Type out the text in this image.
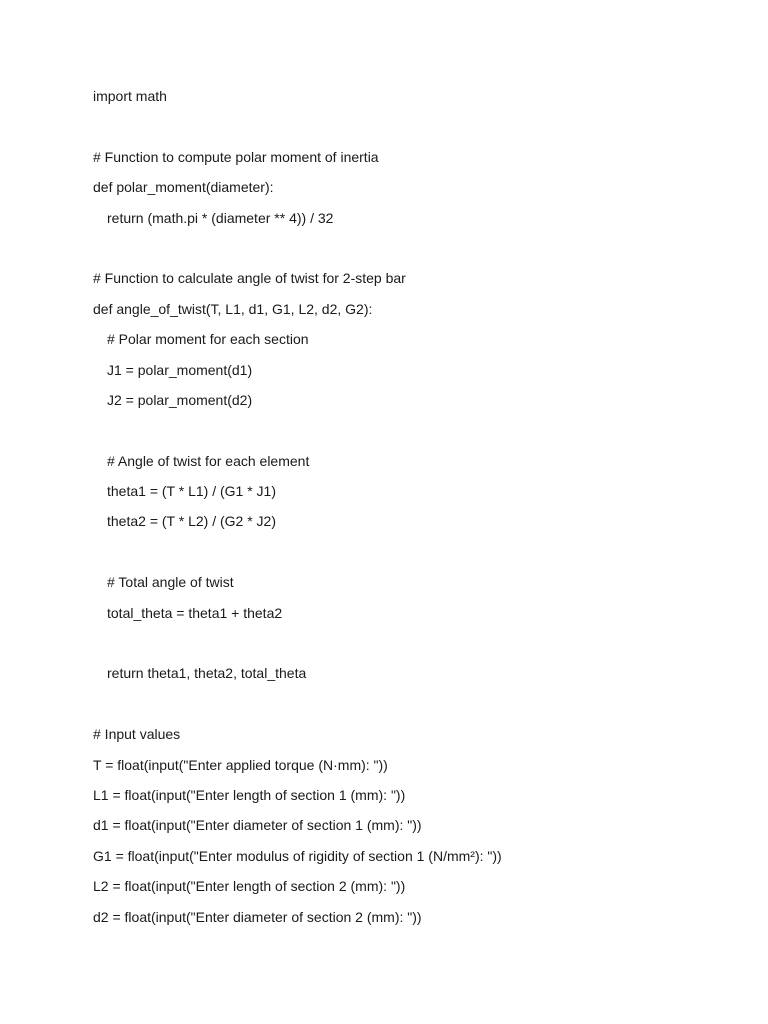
import math
# Function to compute polar moment of inertia
def polar_moment(diameter):
return (math.pi * (diameter ** 4)) / 32
# Function to calculate angle of twist for 2-step bar
def angle_of_twist(T, L1, d1, G1, L2, d2, G2):
# Polar moment for each section
J1 = polar_moment(d1)
J2 = polar_moment(d2)
# Angle of twist for each element
theta1 = (T * L1) / (G1 * J1)
theta2 = (T * L2) / (G2 * J2)
# Total angle of twist
total_theta = theta1 + theta2
return theta1, theta2, total_theta
# Input values
T = float(input("Enter applied torque (N·mm): "))
L1 = float(input("Enter length of section 1 (mm): "))
d1 = float(input("Enter diameter of section 1 (mm): "))
G1 = float(input("Enter modulus of rigidity of section 1 (N/mm²): "))
L2 = float(input("Enter length of section 2 (mm): "))
d2 = float(input("Enter diameter of section 2 (mm): "))
